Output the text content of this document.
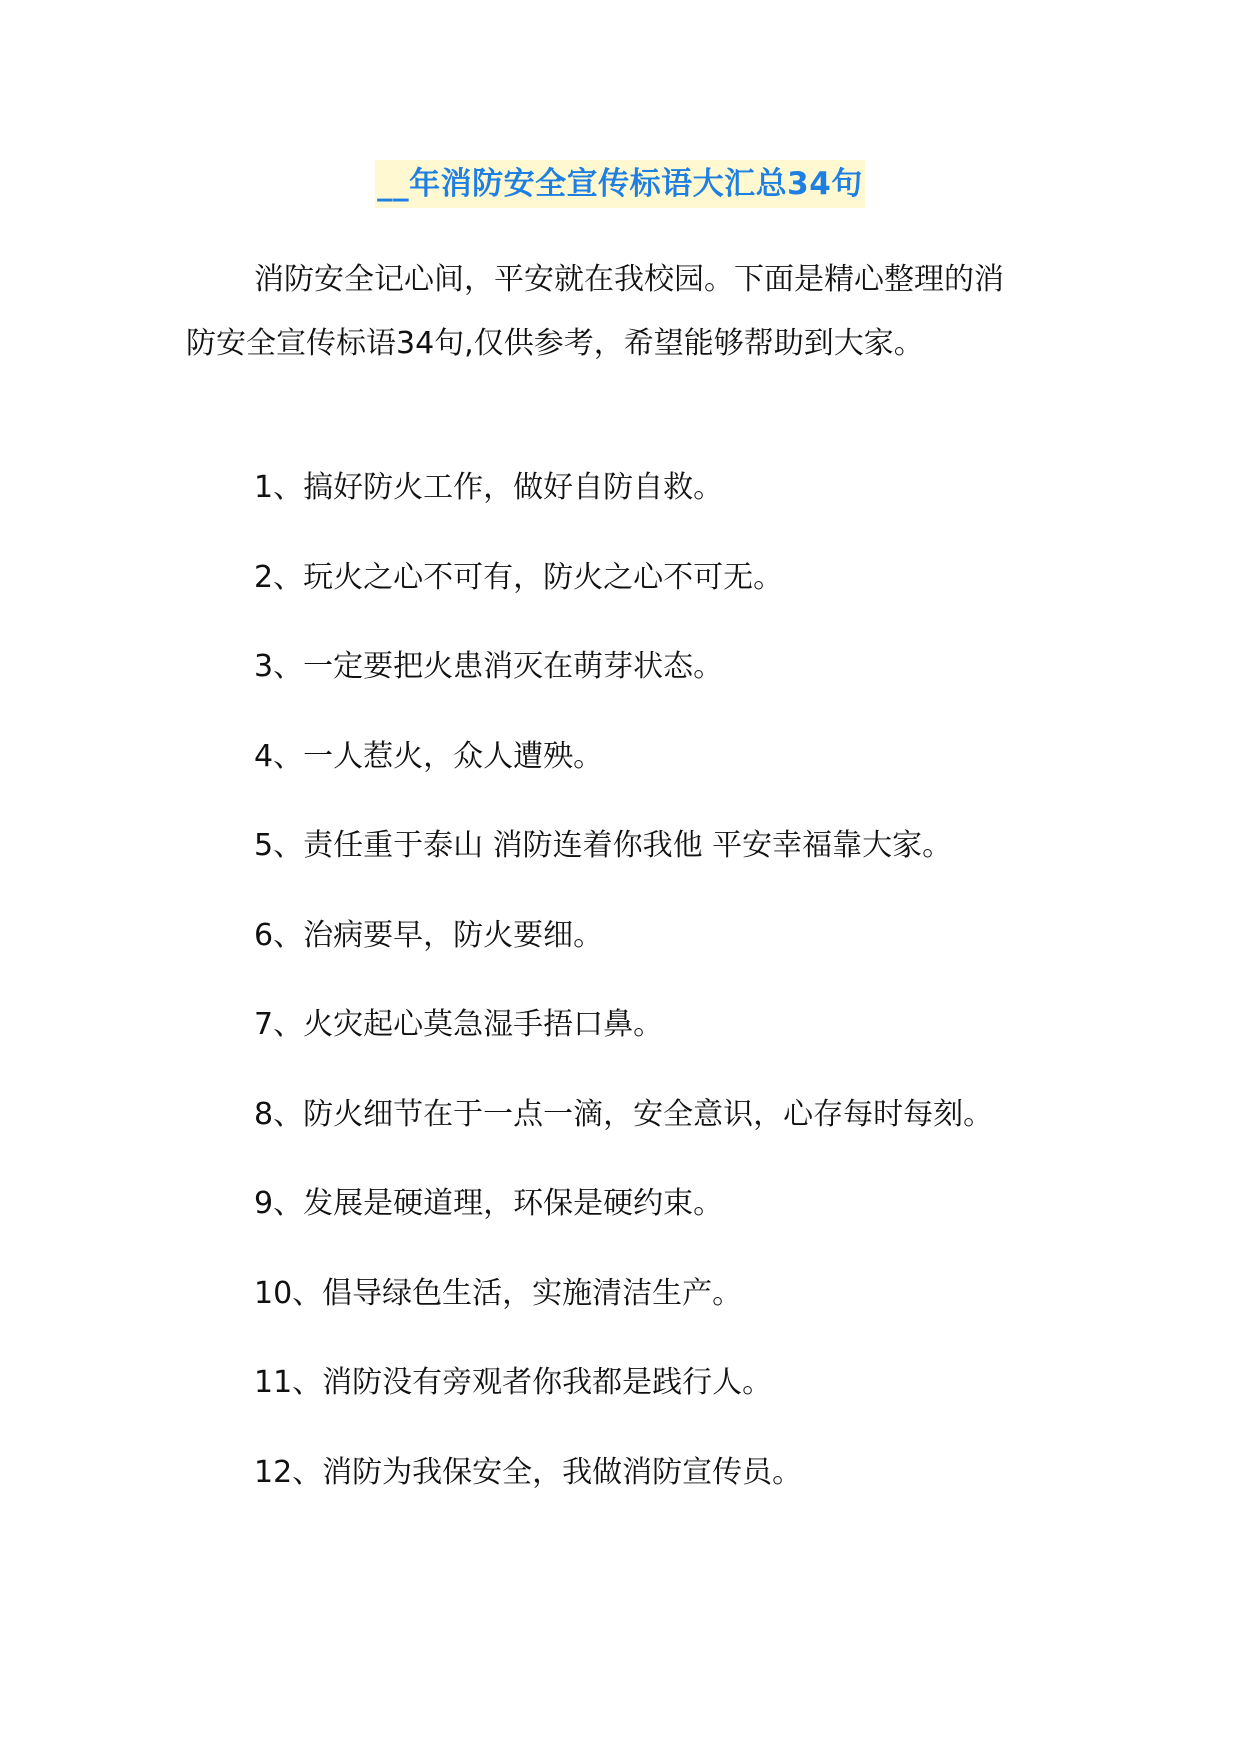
__年消防安全宣传标语大汇总34句

消防安全记心间，平安就在我校园。下面是精心整理的消防安全宣传标语34句,仅供参考，希望能够帮助到大家。

1、搞好防火工作，做好自防自救。
2、玩火之心不可有，防火之心不可无。
3、一定要把火患消灭在萌芽状态。
4、一人惹火，众人遭殃。
5、责任重于泰山 消防连着你我他 平安幸福靠大家。
6、治病要早，防火要细。
7、火灾起心莫急湿手捂口鼻。
8、防火细节在于一点一滴，安全意识，心存每时每刻。
9、发展是硬道理，环保是硬约束。
10、倡导绿色生活，实施清洁生产。
11、消防没有旁观者你我都是践行人。
12、消防为我保安全，我做消防宣传员。
